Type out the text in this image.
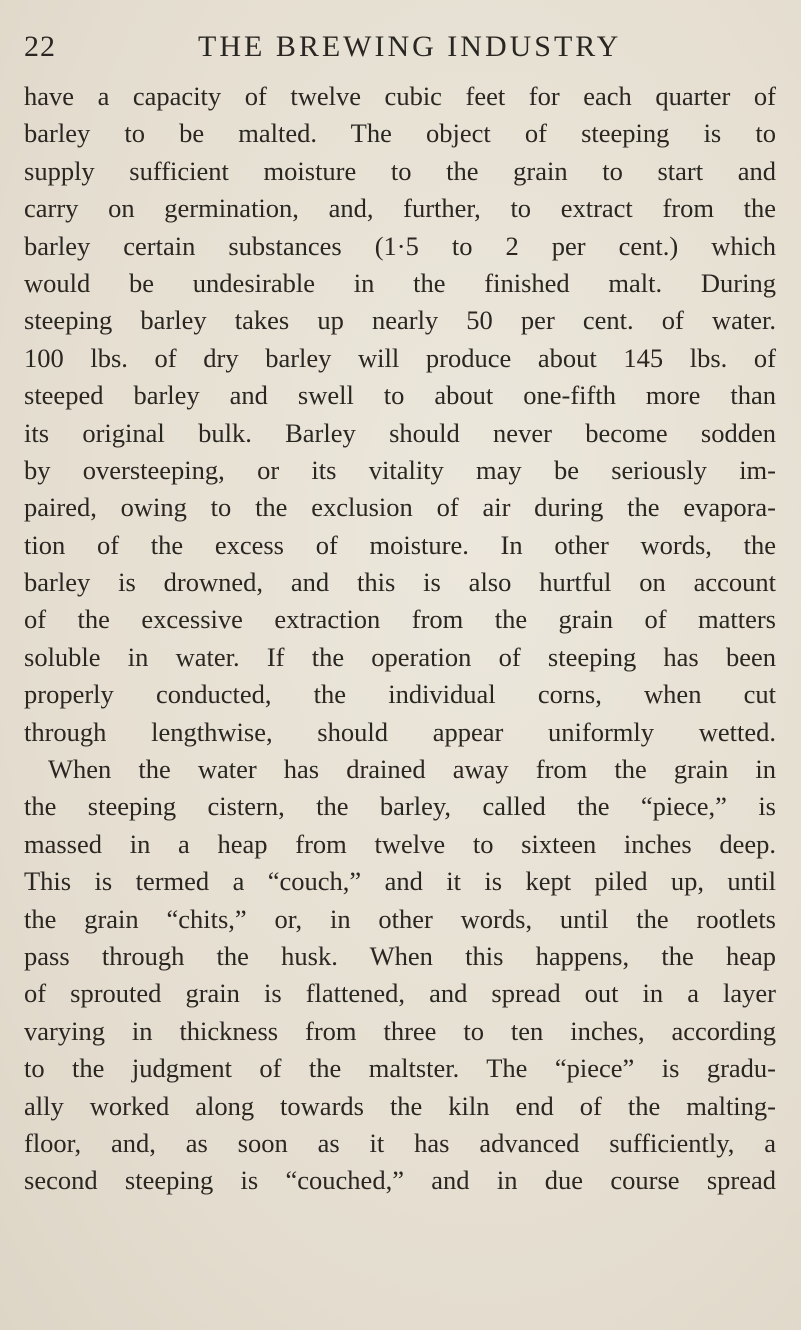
22	THE BREWING INDUSTRY
have a capacity of twelve cubic feet for each quarter of
barley to be malted. The object of steeping is to
supply sufficient moisture to the grain to start and
carry on germination, and, further, to extract from the
barley certain substances (1·5 to 2 per cent.) which
would be undesirable in the finished malt. During
steeping barley takes up nearly 50 per cent. of water.
100 lbs. of dry barley will produce about 145 lbs. of
steeped barley and swell to about one-fifth more than
its original bulk. Barley should never become sodden
by oversteeping, or its vitality may be seriously im-
paired, owing to the exclusion of air during the evapora-
tion of the excess of moisture. In other words, the
barley is drowned, and this is also hurtful on account
of the excessive extraction from the grain of matters
soluble in water. If the operation of steeping has been
properly conducted, the individual corns, when cut
through lengthwise, should appear uniformly wetted.
When the water has drained away from the grain in
the steeping cistern, the barley, called the “piece,” is
massed in a heap from twelve to sixteen inches deep.
This is termed a “couch,” and it is kept piled up, until
the grain “chits,” or, in other words, until the rootlets
pass through the husk. When this happens, the heap
of sprouted grain is flattened, and spread out in a layer
varying in thickness from three to ten inches, according
to the judgment of the maltster. The “piece” is gradu-
ally worked along towards the kiln end of the malting-
floor, and, as soon as it has advanced sufficiently, a
second steeping is “couched,” and in due course spread
